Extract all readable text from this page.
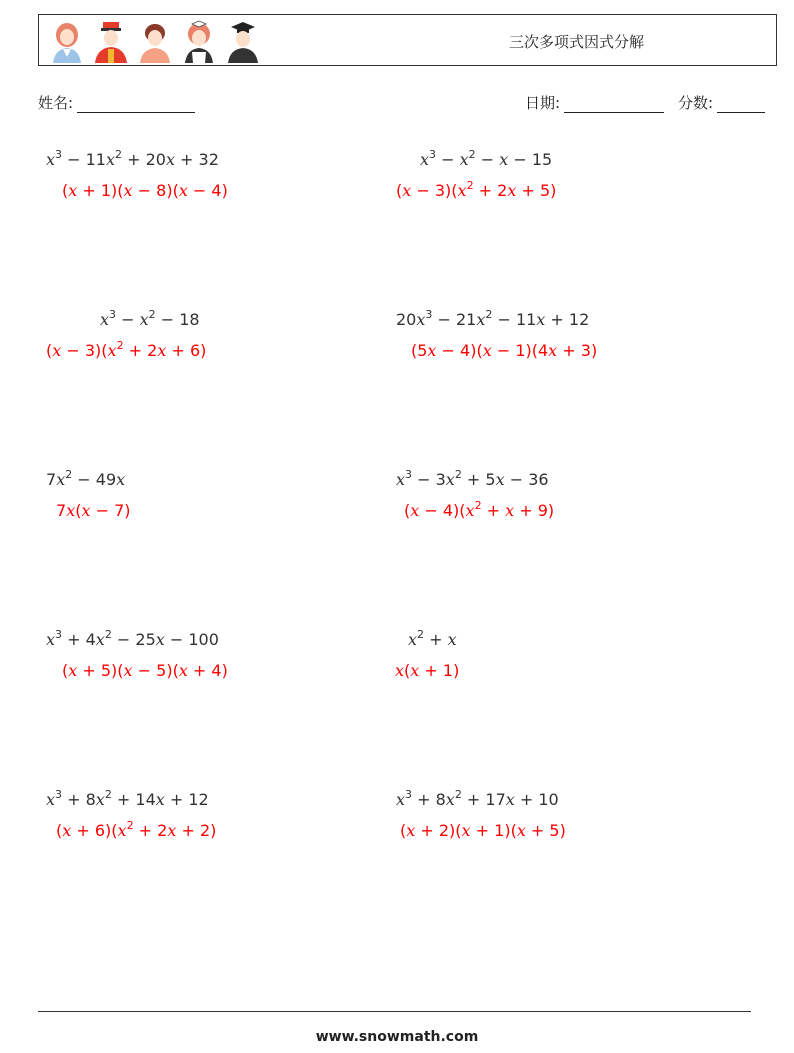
三次多项式因式分解
姓名:	日期:	分数:
$x^3 - 11x^2 + 20x + 32$
(x + 1)(x − 8)(x − 4)
$x^3 - x^2 - x - 15$
$(x - 3)(x^2 + 2x + 5)$
$x^3 - x^2 - 18$
$(x - 3)(x^2 + 2x + 6)$
$20x^3 - 21x^2 - 11x + 12$
(5x − 4)(x − 1)(4x + 3)
$7x^2 - 49x$
7x(x − 7)
$x^3 - 3x^2 + 5x - 36$
$(x - 4)(x^2 + x + 9)$
$x^3 + 4x^2 - 25x - 100$
(x + 5)(x − 5)(x + 4)
$x^2 + x$
x(x + 1)
$x^3 + 8x^2 + 14x + 12$
$(x + 6)(x^2 + 2x + 2)$
$x^3 + 8x^2 + 17x + 10$
(x + 2)(x + 1)(x + 5)
www.snowmath.com
